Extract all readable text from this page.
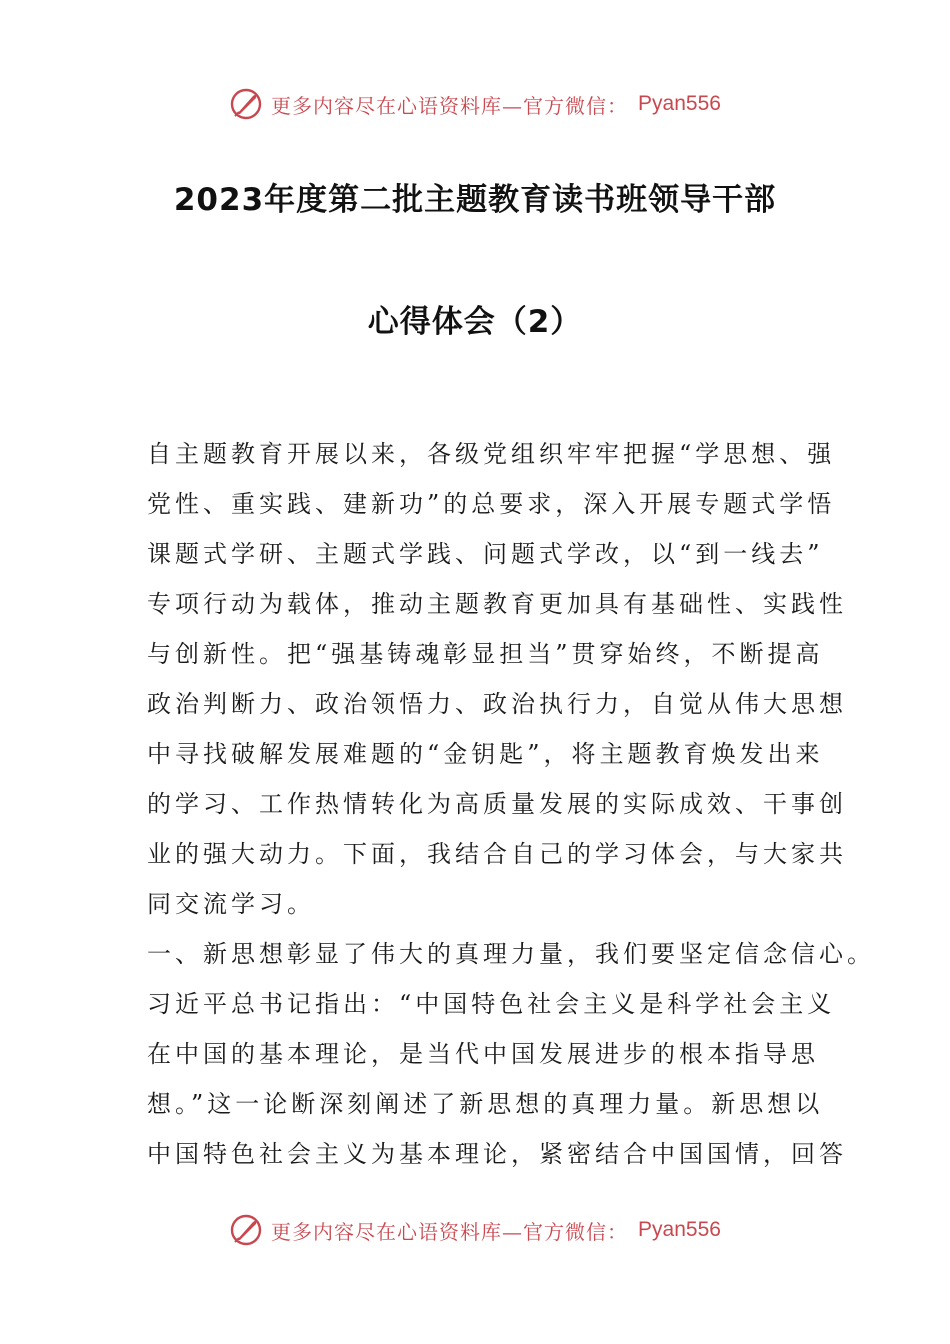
更多内容尽在心语资料库—官方微信： Pyan556
2023年度第二批主题教育读书班领导干部
心得体会（2）
自主题教育开展以来，各级党组织牢牢把握“学思想、强
党性、重实践、建新功”的总要求，深入开展专题式学悟
课题式学研、主题式学践、问题式学改，以“到一线去”
专项行动为载体，推动主题教育更加具有基础性、实践性
与创新性。把“强基铸魂彰显担当”贯穿始终，不断提高
政治判断力、政治领悟力、政治执行力，自觉从伟大思想
中寻找破解发展难题的“金钥匙”，将主题教育焕发出来
的学习、工作热情转化为高质量发展的实际成效、干事创
业的强大动力。下面，我结合自己的学习体会，与大家共
同交流学习。
一、新思想彰显了伟大的真理力量，我们要坚定信念信心。
习近平总书记指出：“中国特色社会主义是科学社会主义
在中国的基本理论，是当代中国发展进步的根本指导思
想。”这一论断深刻阐述了新思想的真理力量。新思想以
中国特色社会主义为基本理论，紧密结合中国国情，回答
更多内容尽在心语资料库—官方微信： Pyan556
